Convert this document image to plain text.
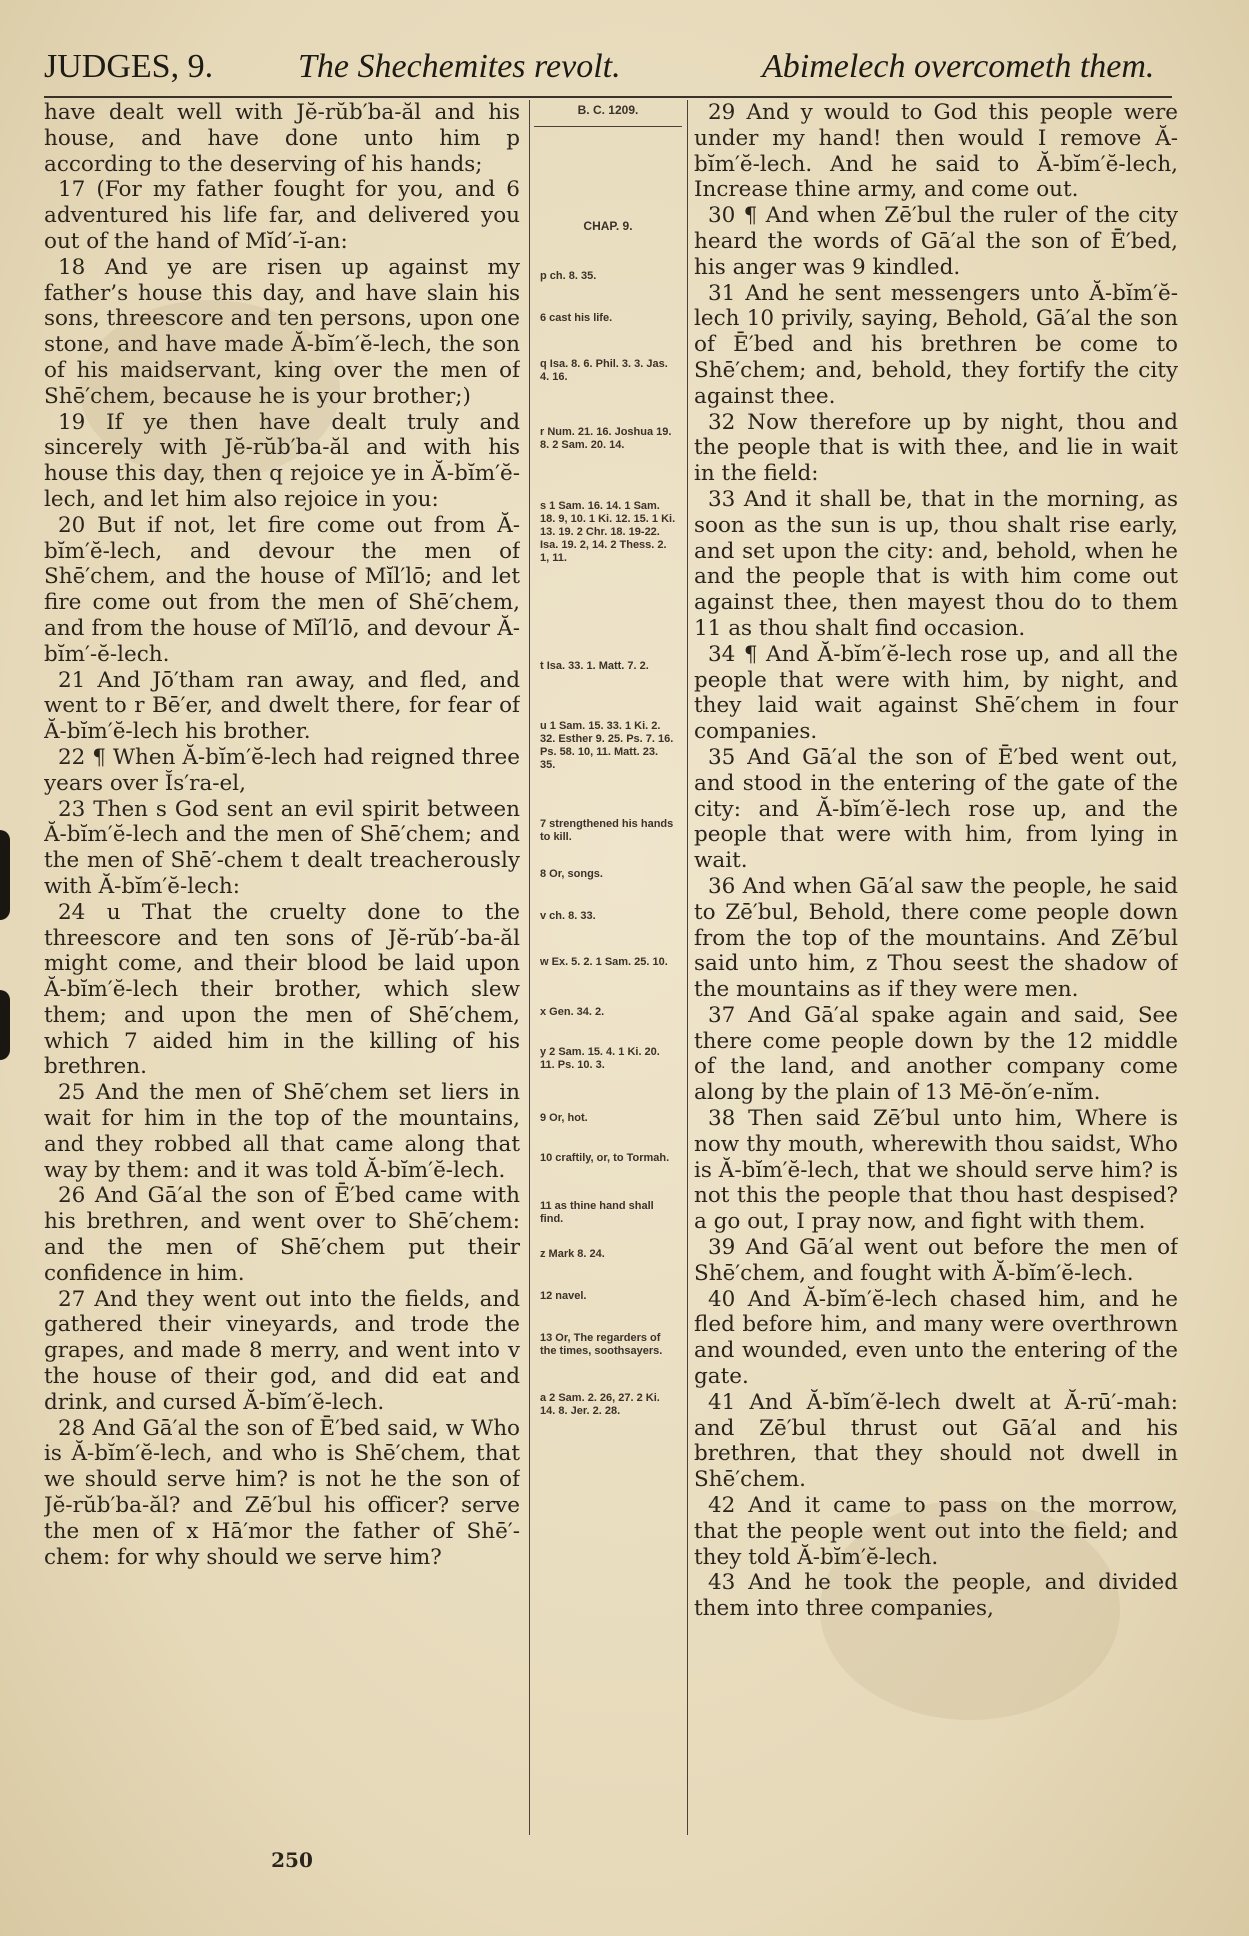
JUDGES, 9. The Shechemites revolt.	Abimelech overcometh them.

have dealt well with Jĕ-rŭb′ba-ăl and his house, and have done unto him p according to the deserving of his hands;

17 (For my father fought for you, and 6 adventured his life far, and delivered you out of the hand of Mĭd′-ĭ-an:

18 And ye are risen up against my father’s house this day, and have slain his sons, threescore and ten persons, upon one stone, and have made Ă-bĭm′ĕ-lech, the son of his maidservant, king over the men of Shē′chem, because he is your brother;)

19 If ye then have dealt truly and sincerely with Jĕ-rŭb′ba-ăl and with his house this day, then q rejoice ye in Ă-bĭm′ĕ-lech, and let him also rejoice in you:

20 But if not, let fire come out from Ă-bĭm′ĕ-lech, and devour the men of Shē′chem, and the house of Mĭl′lō; and let fire come out from the men of Shē′chem, and from the house of Mĭl′lō, and devour Ă-bĭm′-ĕ-lech.

21 And Jō′tham ran away, and fled, and went to r Bē′er, and dwelt there, for fear of Ă-bĭm′ĕ-lech his brother.

22 ¶ When Ă-bĭm′ĕ-lech had reigned three years over Ĭs′ra-el,

23 Then s God sent an evil spirit between Ă-bĭm′ĕ-lech and the men of Shē′chem; and the men of Shē′-chem t dealt treacherously with Ă-bĭm′ĕ-lech:

24 u That the cruelty done to the threescore and ten sons of Jĕ-rŭb′-ba-ăl might come, and their blood be laid upon Ă-bĭm′ĕ-lech their brother, which slew them; and upon the men of Shē′chem, which 7 aided him in the killing of his brethren.

25 And the men of Shē′chem set liers in wait for him in the top of the mountains, and they robbed all that came along that way by them: and it was told Ă-bĭm′ĕ-lech.

26 And Gā′al the son of Ē′bed came with his brethren, and went over to Shē′chem: and the men of Shē′chem put their confidence in him.

27 And they went out into the fields, and gathered their vineyards, and trode the grapes, and made 8 merry, and went into v the house of their god, and did eat and drink, and cursed Ă-bĭm′ĕ-lech.

28 And Gā′al the son of Ē′bed said, w Who is Ă-bĭm′ĕ-lech, and who is Shē′chem, that we should serve him? is not he the son of Jĕ-rŭb′ba-ăl? and Zē′bul his officer? serve the men of x Hā′mor the father of Shē′-chem: for why should we serve him?

B. C. 1209.
CHAP. 9.
p ch. 8. 35.
6 cast his life.
q Isa. 8. 6. Phil. 3. 3. Jas. 4. 16.
r Num. 21. 16. Joshua 19. 8. 2 Sam. 20. 14.
s 1 Sam. 16. 14. 1 Sam. 18. 9, 10. 1 Ki. 12. 15. 1 Ki. 13. 19. 2 Chr. 18. 19-22. Isa. 19. 2, 14. 2 Thess. 2. 1, 11.
t Isa. 33. 1. Matt. 7. 2.
u 1 Sam. 15. 33. 1 Ki. 2. 32. Esther 9. 25. Ps. 7. 16. Ps. 58. 10, 11. Matt. 23. 35.
7 strengthened his hands to kill.
8 Or, songs.
v ch. 8. 33.
w Ex. 5. 2. 1 Sam. 25. 10.
x Gen. 34. 2.
y 2 Sam. 15. 4. 1 Ki. 20. 11. Ps. 10. 3.
9 Or, hot.
10 craftily, or, to Tormah.
11 as thine hand shall find.
z Mark 8. 24.
12 navel.
13 Or, The regarders of the times, soothsayers.
a 2 Sam. 2. 26, 27. 2 Ki. 14. 8. Jer. 2. 28.

29 And y would to God this people were under my hand! then would I remove Ă-bĭm′ĕ-lech. And he said to Ă-bĭm′ĕ-lech, Increase thine army, and come out.

30 ¶ And when Zē′bul the ruler of the city heard the words of Gā′al the son of Ē′bed, his anger was 9 kindled.

31 And he sent messengers unto Ă-bĭm′ĕ-lech 10 privily, saying, Behold, Gā′al the son of Ē′bed and his brethren be come to Shē′chem; and, behold, they fortify the city against thee.

32 Now therefore up by night, thou and the people that is with thee, and lie in wait in the field:

33 And it shall be, that in the morning, as soon as the sun is up, thou shalt rise early, and set upon the city: and, behold, when he and the people that is with him come out against thee, then mayest thou do to them 11 as thou shalt find occasion.

34 ¶ And Ă-bĭm′ĕ-lech rose up, and all the people that were with him, by night, and they laid wait against Shē′chem in four companies.

35 And Gā′al the son of Ē′bed went out, and stood in the entering of the gate of the city: and Ă-bĭm′ĕ-lech rose up, and the people that were with him, from lying in wait.

36 And when Gā′al saw the people, he said to Zē′bul, Behold, there come people down from the top of the mountains. And Zē′bul said unto him, z Thou seest the shadow of the mountains as if they were men.

37 And Gā′al spake again and said, See there come people down by the 12 middle of the land, and another company come along by the plain of 13 Mē-ŏn′e-nĭm.

38 Then said Zē′bul unto him, Where is now thy mouth, wherewith thou saidst, Who is Ă-bĭm′ĕ-lech, that we should serve him? is not this the people that thou hast despised? a go out, I pray now, and fight with them.

39 And Gā′al went out before the men of Shē′chem, and fought with Ă-bĭm′ĕ-lech.

40 And Ă-bĭm′ĕ-lech chased him, and he fled before him, and many were overthrown and wounded, even unto the entering of the gate.

41 And Ă-bĭm′ĕ-lech dwelt at Ă-rū′-mah: and Zē′bul thrust out Gā′al and his brethren, that they should not dwell in Shē′chem.

42 And it came to pass on the morrow, that the people went out into the field; and they told Ă-bĭm′ĕ-lech.

43 And he took the people, and divided them into three companies,

250
